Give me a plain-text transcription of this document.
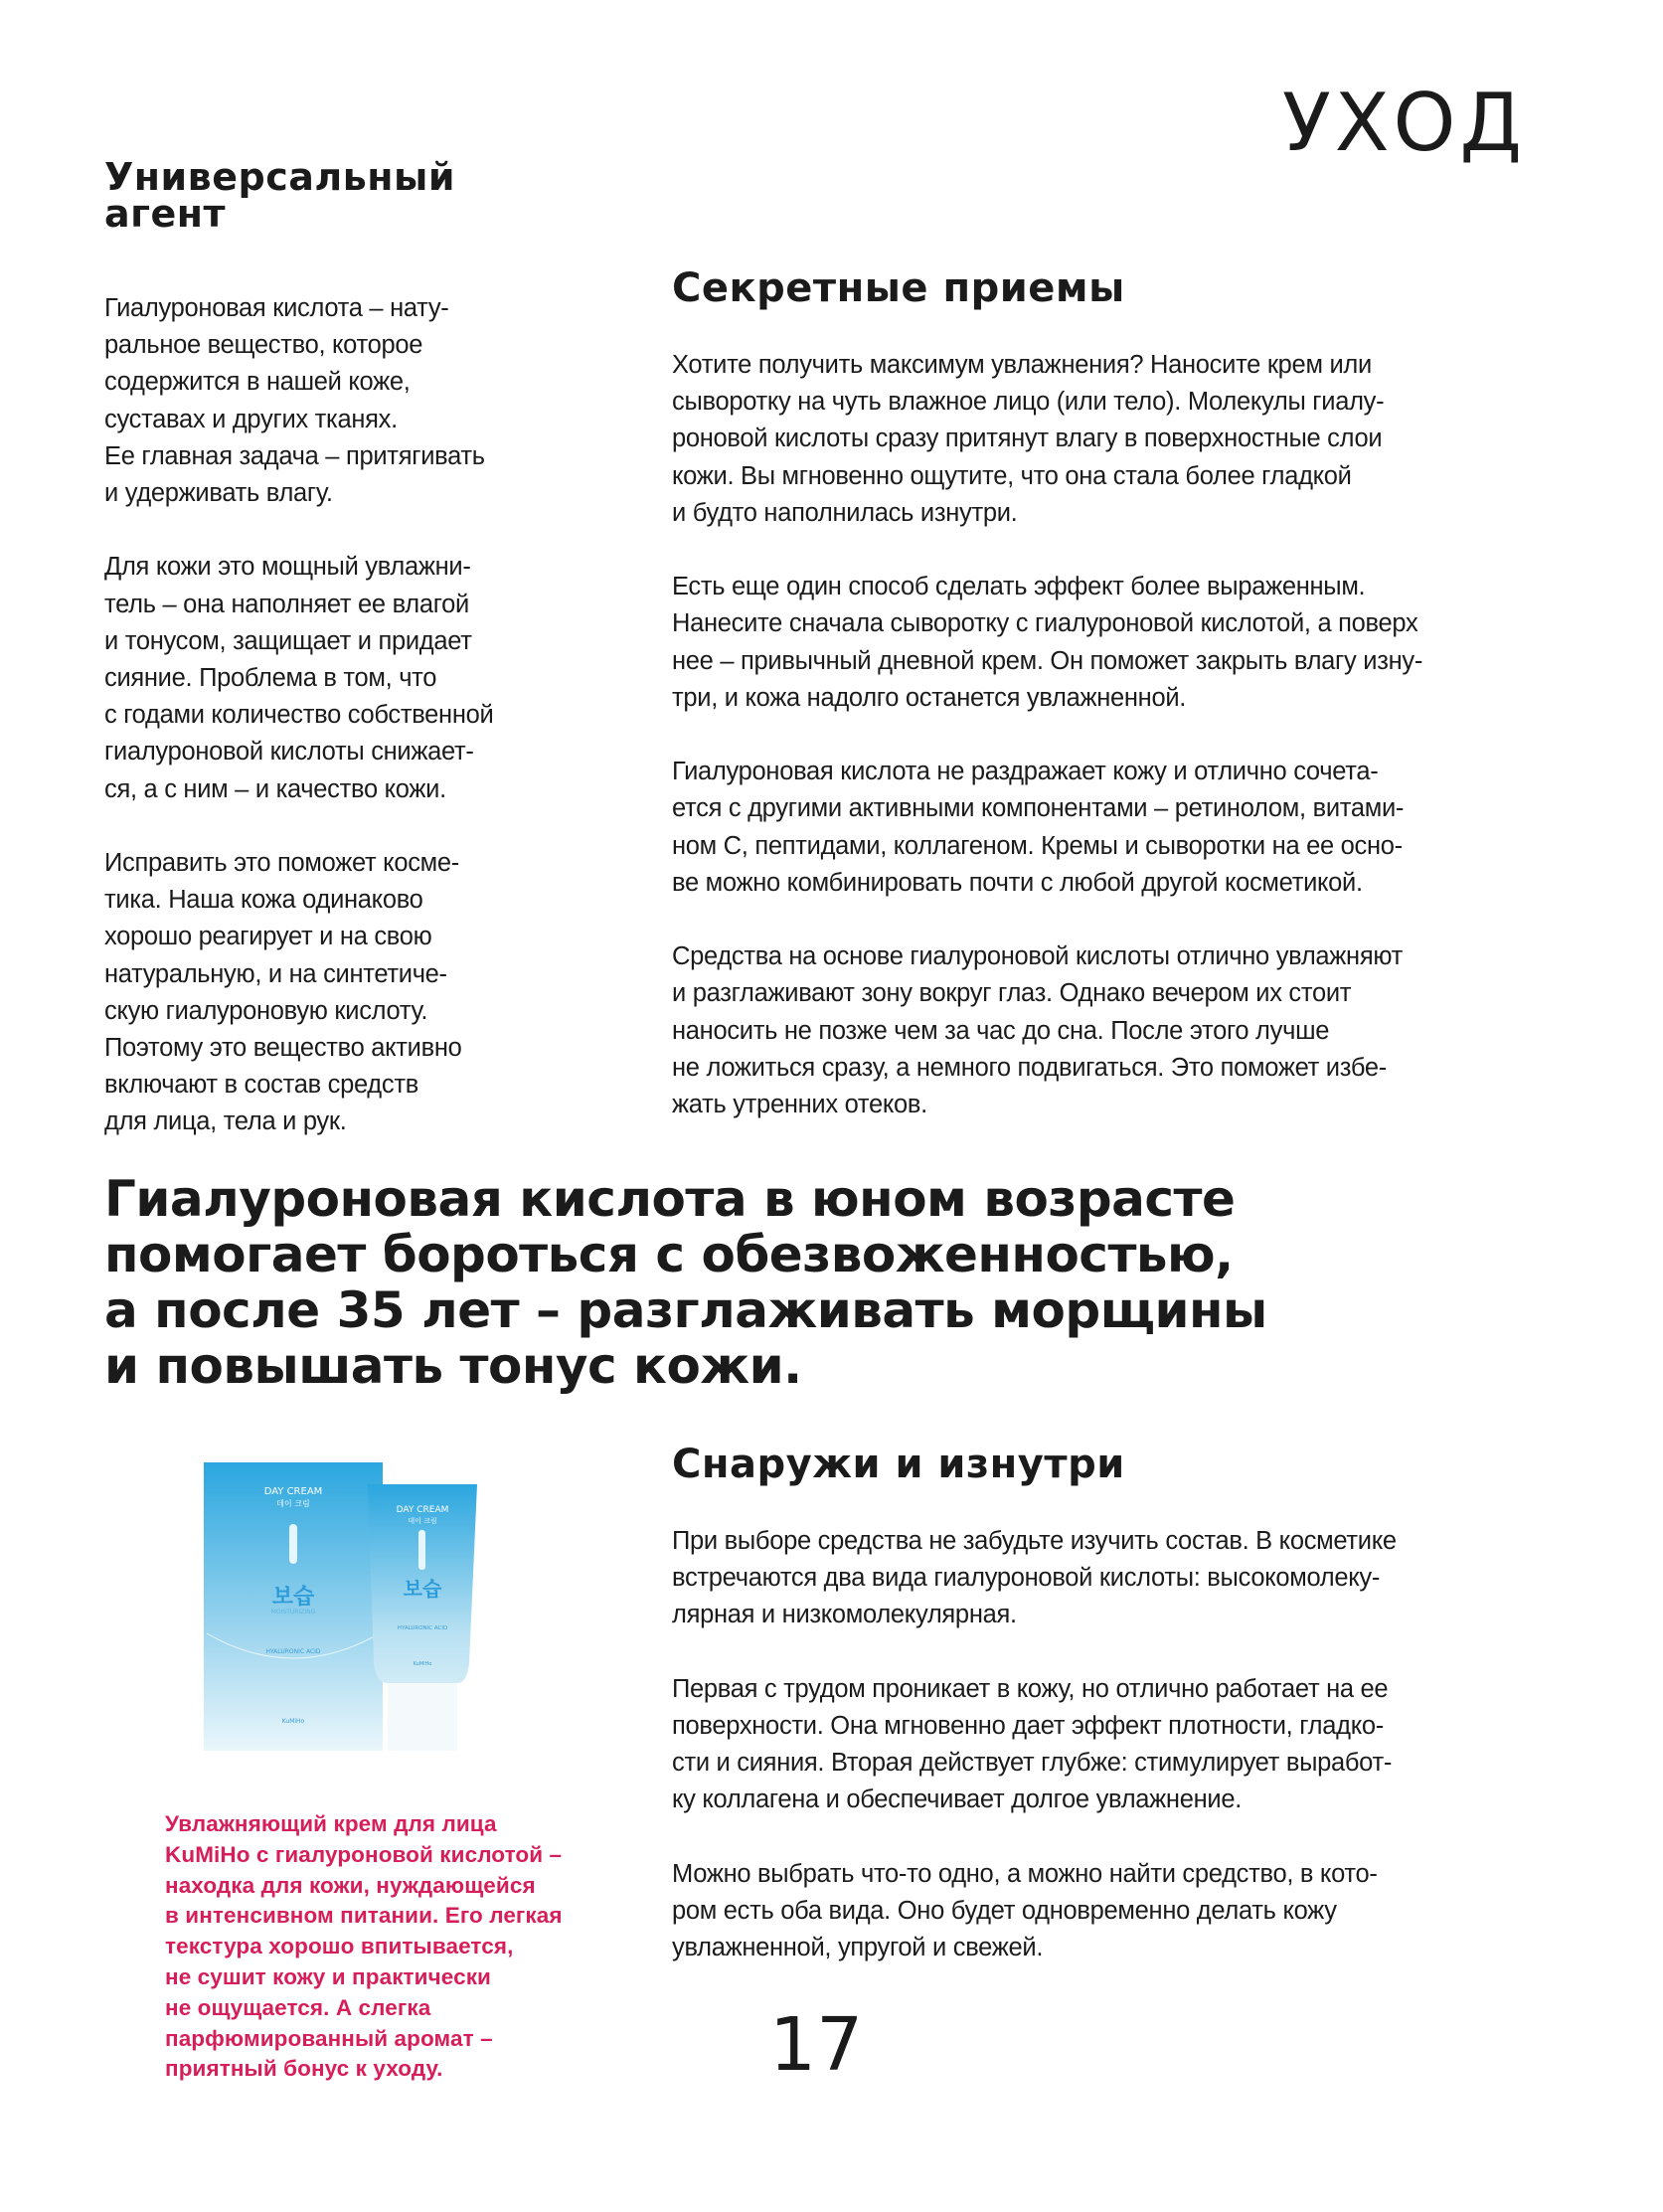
УХОД
Универсальный
агент

Гиалуроновая кислота – нату-
ральное вещество, которое
содержится в нашей коже,
суставах и других тканях.
Ее главная задача – притягивать
и удерживать влагу.

Для кожи это мощный увлажни-
тель – она наполняет ее влагой
и тонусом, защищает и придает
сияние. Проблема в том, что
с годами количество собственной
гиалуроновой кислоты снижает-
ся, а с ним – и качество кожи.

Исправить это поможет косме-
тика. Наша кожа одинаково
хорошо реагирует и на свою
натуральную, и на синтетиче-
скую гиалуроновую кислоту.
Поэтому это вещество активно
включают в состав средств
для лица, тела и рук.

Секретные приемы

Хотите получить максимум увлажнения? Наносите крем или
сыворотку на чуть влажное лицо (или тело). Молекулы гиалу-
роновой кислоты сразу притянут влагу в поверхностные слои
кожи. Вы мгновенно ощутите, что она стала более гладкой
и будто наполнилась изнутри.

Есть еще один способ сделать эффект более выраженным.
Нанесите сначала сыворотку с гиалуроновой кислотой, а поверх
нее – привычный дневной крем. Он поможет закрыть влагу изну-
три, и кожа надолго останется увлажненной.

Гиалуроновая кислота не раздражает кожу и отлично сочета-
ется с другими активными компонентами – ретинолом, витами-
ном С, пептидами, коллагеном. Кремы и сыворотки на ее осно-
ве можно комбинировать почти с любой другой косметикой.

Средства на основе гиалуроновой кислоты отлично увлажняют
и разглаживают зону вокруг глаз. Однако вечером их стоит
наносить не позже чем за час до сна. После этого лучше
не ложиться сразу, а немного подвигаться. Это поможет избе-
жать утренних отеков.

Гиалуроновая кислота в юном возрасте
помогает бороться с обезвоженностью,
а после 35 лет – разглаживать морщины
и повышать тонус кожи.
DAY CREAM
데이 크림
보습
MOISTURIZING
HYALURONIC ACID
KuMiHo
DAY CREAM
데이 크림
보습
HYALURONIC ACID
KuMiHo
Увлажняющий крем для лица
KuMiHo с гиалуроновой кислотой –
находка для кожи, нуждающейся
в интенсивном питании. Его легкая
текстура хорошо впитывается,
не сушит кожу и практически
не ощущается. А слегка
парфюмированный аромат –
приятный бонус к уходу.
Снаружи и изнутри

При выборе средства не забудьте изучить состав. В косметике
встречаются два вида гиалуроновой кислоты: высокомолеку-
лярная и низкомолекулярная.

Первая с трудом проникает в кожу, но отлично работает на ее
поверхности. Она мгновенно дает эффект плотности, гладко-
сти и сияния. Вторая действует глубже: стимулирует выработ-
ку коллагена и обеспечивает долгое увлажнение.

Можно выбрать что-то одно, а можно найти средство, в кото-
ром есть оба вида. Оно будет одновременно делать кожу
увлажненной, упругой и свежей.

17
